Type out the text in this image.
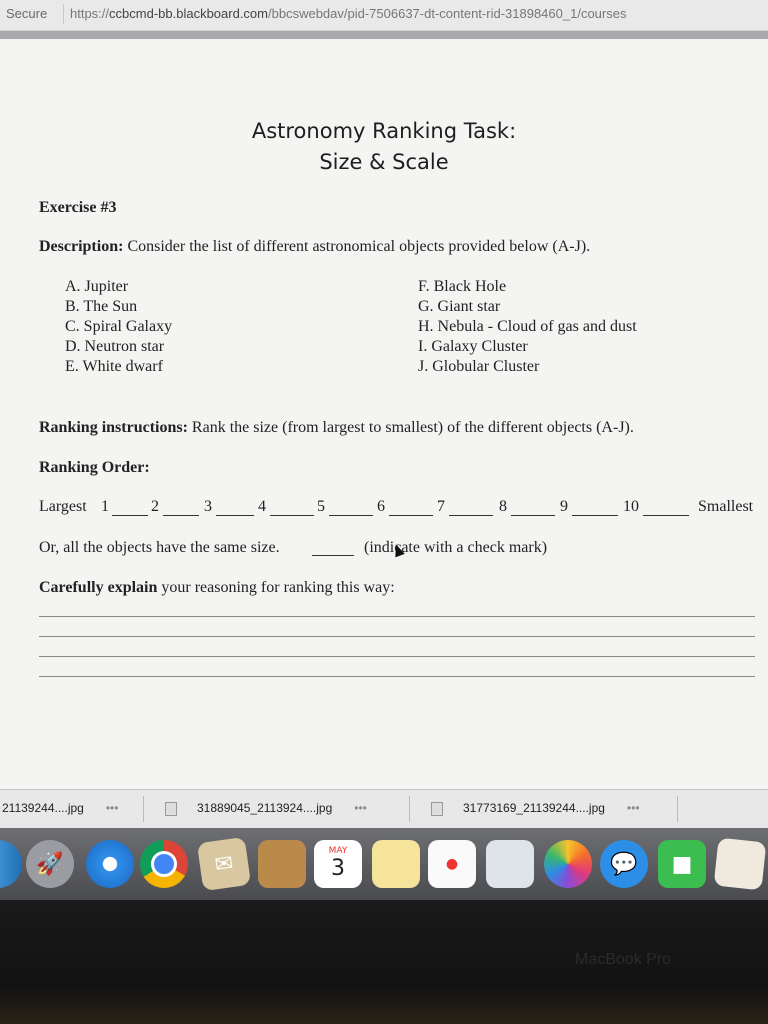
Secure https://ccbcmd-bb.blackboard.com/bbcswebdav/pid-7506637-dt-content-rid-31898460_1/courses
Astronomy Ranking Task:
Size & Scale
Exercise #3
Description: Consider the list of different astronomical objects provided below (A-J).
A. Jupiter
B. The Sun
C. Spiral Galaxy
D. Neutron star
E. White dwarf
F. Black Hole
G. Giant star
H. Nebula - Cloud of gas and dust
I. Galaxy Cluster
J. Globular Cluster
Ranking instructions: Rank the size (from largest to smallest) of the different objects (A-J).
Ranking Order:
Largest 1	2	3	4	5	6	7	8	9	10	Smallest
Or, all the objects have the same size.	(indicate with a check mark)
Carefully explain your reasoning for ranking this way:
21139244....jpg •••	31889045_2113924....jpg •••	31773169_21139244....jpg •••
🚀	✉	MAY
3	●	💬	■
MacBook Pro
